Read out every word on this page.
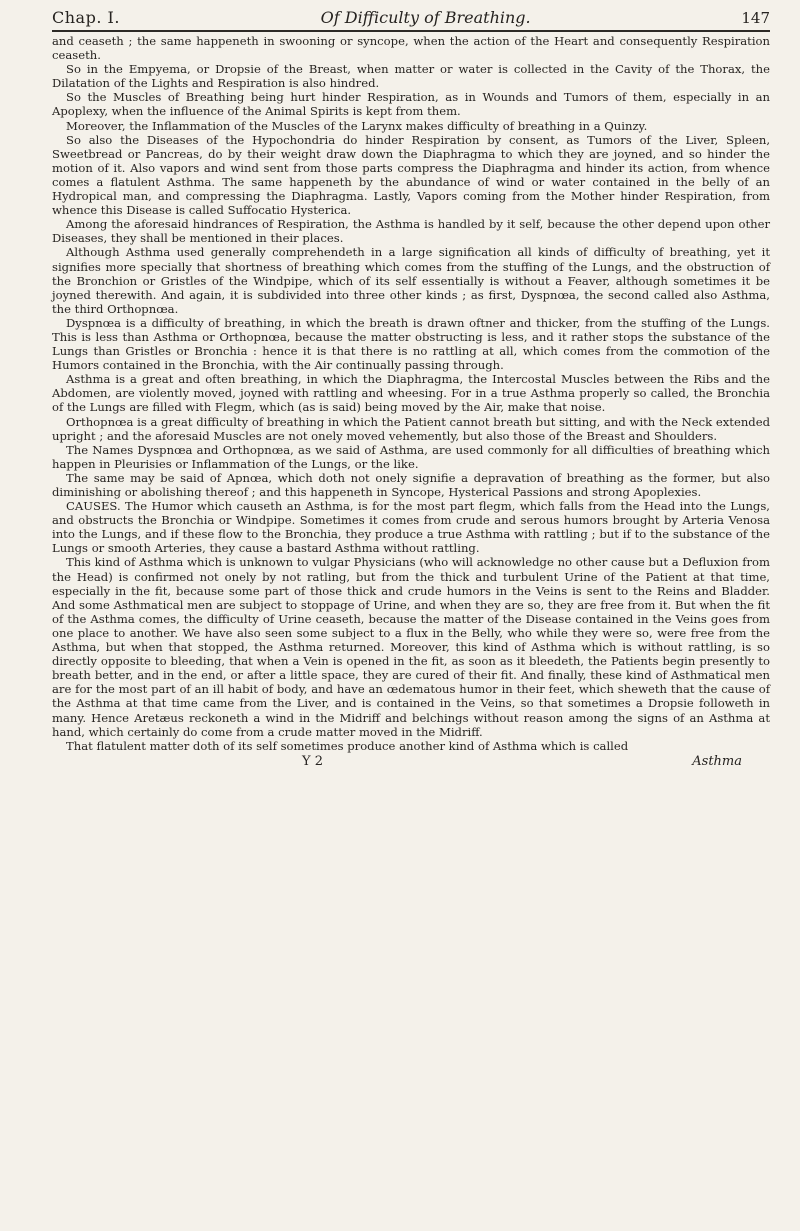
Chap. I.	Of Difficulty of Breathing.	147

and ceaseth ; the same happeneth in swooning or syncope, when the action of the Heart and consequently Respiration ceaseth.

So in the Empyema, or Dropsie of the Breast, when matter or water is collected in the Cavity of the Thorax, the Dilatation of the Lights and Respiration is also hindred.

So the Muscles of Breathing being hurt hinder Respiration, as in Wounds and Tumors of them, especially in an Apoplexy, when the influence of the Animal Spirits is kept from them.

Moreover, the Inflammation of the Muscles of the Larynx makes difficulty of breathing in a Quinzy.

So also the Diseases of the Hypochondria do hinder Respiration by consent, as Tumors of the Liver, Spleen, Sweetbread or Pancreas, do by their weight draw down the Diaphragma to which they are joyned, and so hinder the motion of it. Also vapors and wind sent from those parts compress the Diaphragma and hinder its action, from whence comes a flatulent Asthma. The same happeneth by the abundance of wind or water contained in the belly of an Hydropical man, and compressing the Diaphragma. Lastly, Vapors coming from the Mother hinder Respiration, from whence this Disease is called Suffocatio Hysterica.

Among the aforesaid hindrances of Respiration, the Asthma is handled by it self, because the other depend upon other Diseases, they shall be mentioned in their places.

Although Asthma used generally comprehendeth in a large signification all kinds of difficulty of breathing, yet it signifies more specially that shortness of breathing which comes from the stuffing of the Lungs, and the obstruction of the Bronchion or Gristles of the Windpipe, which of its self essentially is without a Feaver, although sometimes it be joyned therewith. And again, it is subdivided into three other kinds ; as first, Dyspnœa, the second called also Asthma, the third Orthopnœa.

Dyspnœa is a difficulty of breathing, in which the breath is drawn oftner and thicker, from the stuffing of the Lungs. This is less than Asthma or Orthopnœa, because the matter obstructing is less, and it rather stops the substance of the Lungs than Gristles or Bronchia : hence it is that there is no rattling at all, which comes from the commotion of the Humors contained in the Bronchia, with the Air continually passing through.

Asthma is a great and often breathing, in which the Diaphragma, the Intercostal Muscles between the Ribs and the Abdomen, are violently moved, joyned with rattling and wheesing. For in a true Asthma properly so called, the Bronchia of the Lungs are filled with Flegm, which (as is said) being moved by the Air, make that noise.

Orthopnœa is a great difficulty of breathing in which the Patient cannot breath but sitting, and with the Neck extended upright ; and the aforesaid Muscles are not onely moved vehemently, but also those of the Breast and Shoulders.

The Names Dyspnœa and Orthopnœa, as we said of Asthma, are used commonly for all difficulties of breathing which happen in Pleurisies or Inflammation of the Lungs, or the like.

The same may be said of Apnœa, which doth not onely signifie a depravation of breathing as the former, but also diminishing or abolishing thereof ; and this happeneth in Syncope, Hysterical Passions and strong Apoplexies.

CAUSES. The Humor which causeth an Asthma, is for the most part flegm, which falls from the Head into the Lungs, and obstructs the Bronchia or Windpipe. Sometimes it comes from crude and serous humors brought by Arteria Venosa into the Lungs, and if these flow to the Bronchia, they produce a true Asthma with rattling ; but if to the substance of the Lungs or smooth Arteries, they cause a bastard Asthma without rattling.

This kind of Asthma which is unknown to vulgar Physicians (who will acknowledge no other cause but a Defluxion from the Head) is confirmed not onely by not ratling, but from the thick and turbulent Urine of the Patient at that time, especially in the fit, because some part of those thick and crude humors in the Veins is sent to the Reins and Bladder. And some Asthmatical men are subject to stoppage of Urine, and when they are so, they are free from it. But when the fit of the Asthma comes, the difficulty of Urine ceaseth, because the matter of the Disease contained in the Veins goes from one place to another. We have also seen some subject to a flux in the Belly, who while they were so, were free from the Asthma, but when that stopped, the Asthma returned. Moreover, this kind of Asthma which is without rattling, is so directly opposite to bleeding, that when a Vein is opened in the fit, as soon as it bleedeth, the Patients begin presently to breath better, and in the end, or after a little space, they are cured of their fit. And finally, these kind of Asthmatical men are for the most part of an ill habit of body, and have an œdematous humor in their feet, which sheweth that the cause of the Asthma at that time came from the Liver, and is contained in the Veins, so that sometimes a Dropsie followeth in many. Hence Aretæus reckoneth a wind in the Midriff and belchings without reason among the signs of an Asthma at hand, which certainly do come from a crude matter moved in the Midriff.

That flatulent matter doth of its self sometimes produce another kind of Asthma which is called

Y 2	Asthma
